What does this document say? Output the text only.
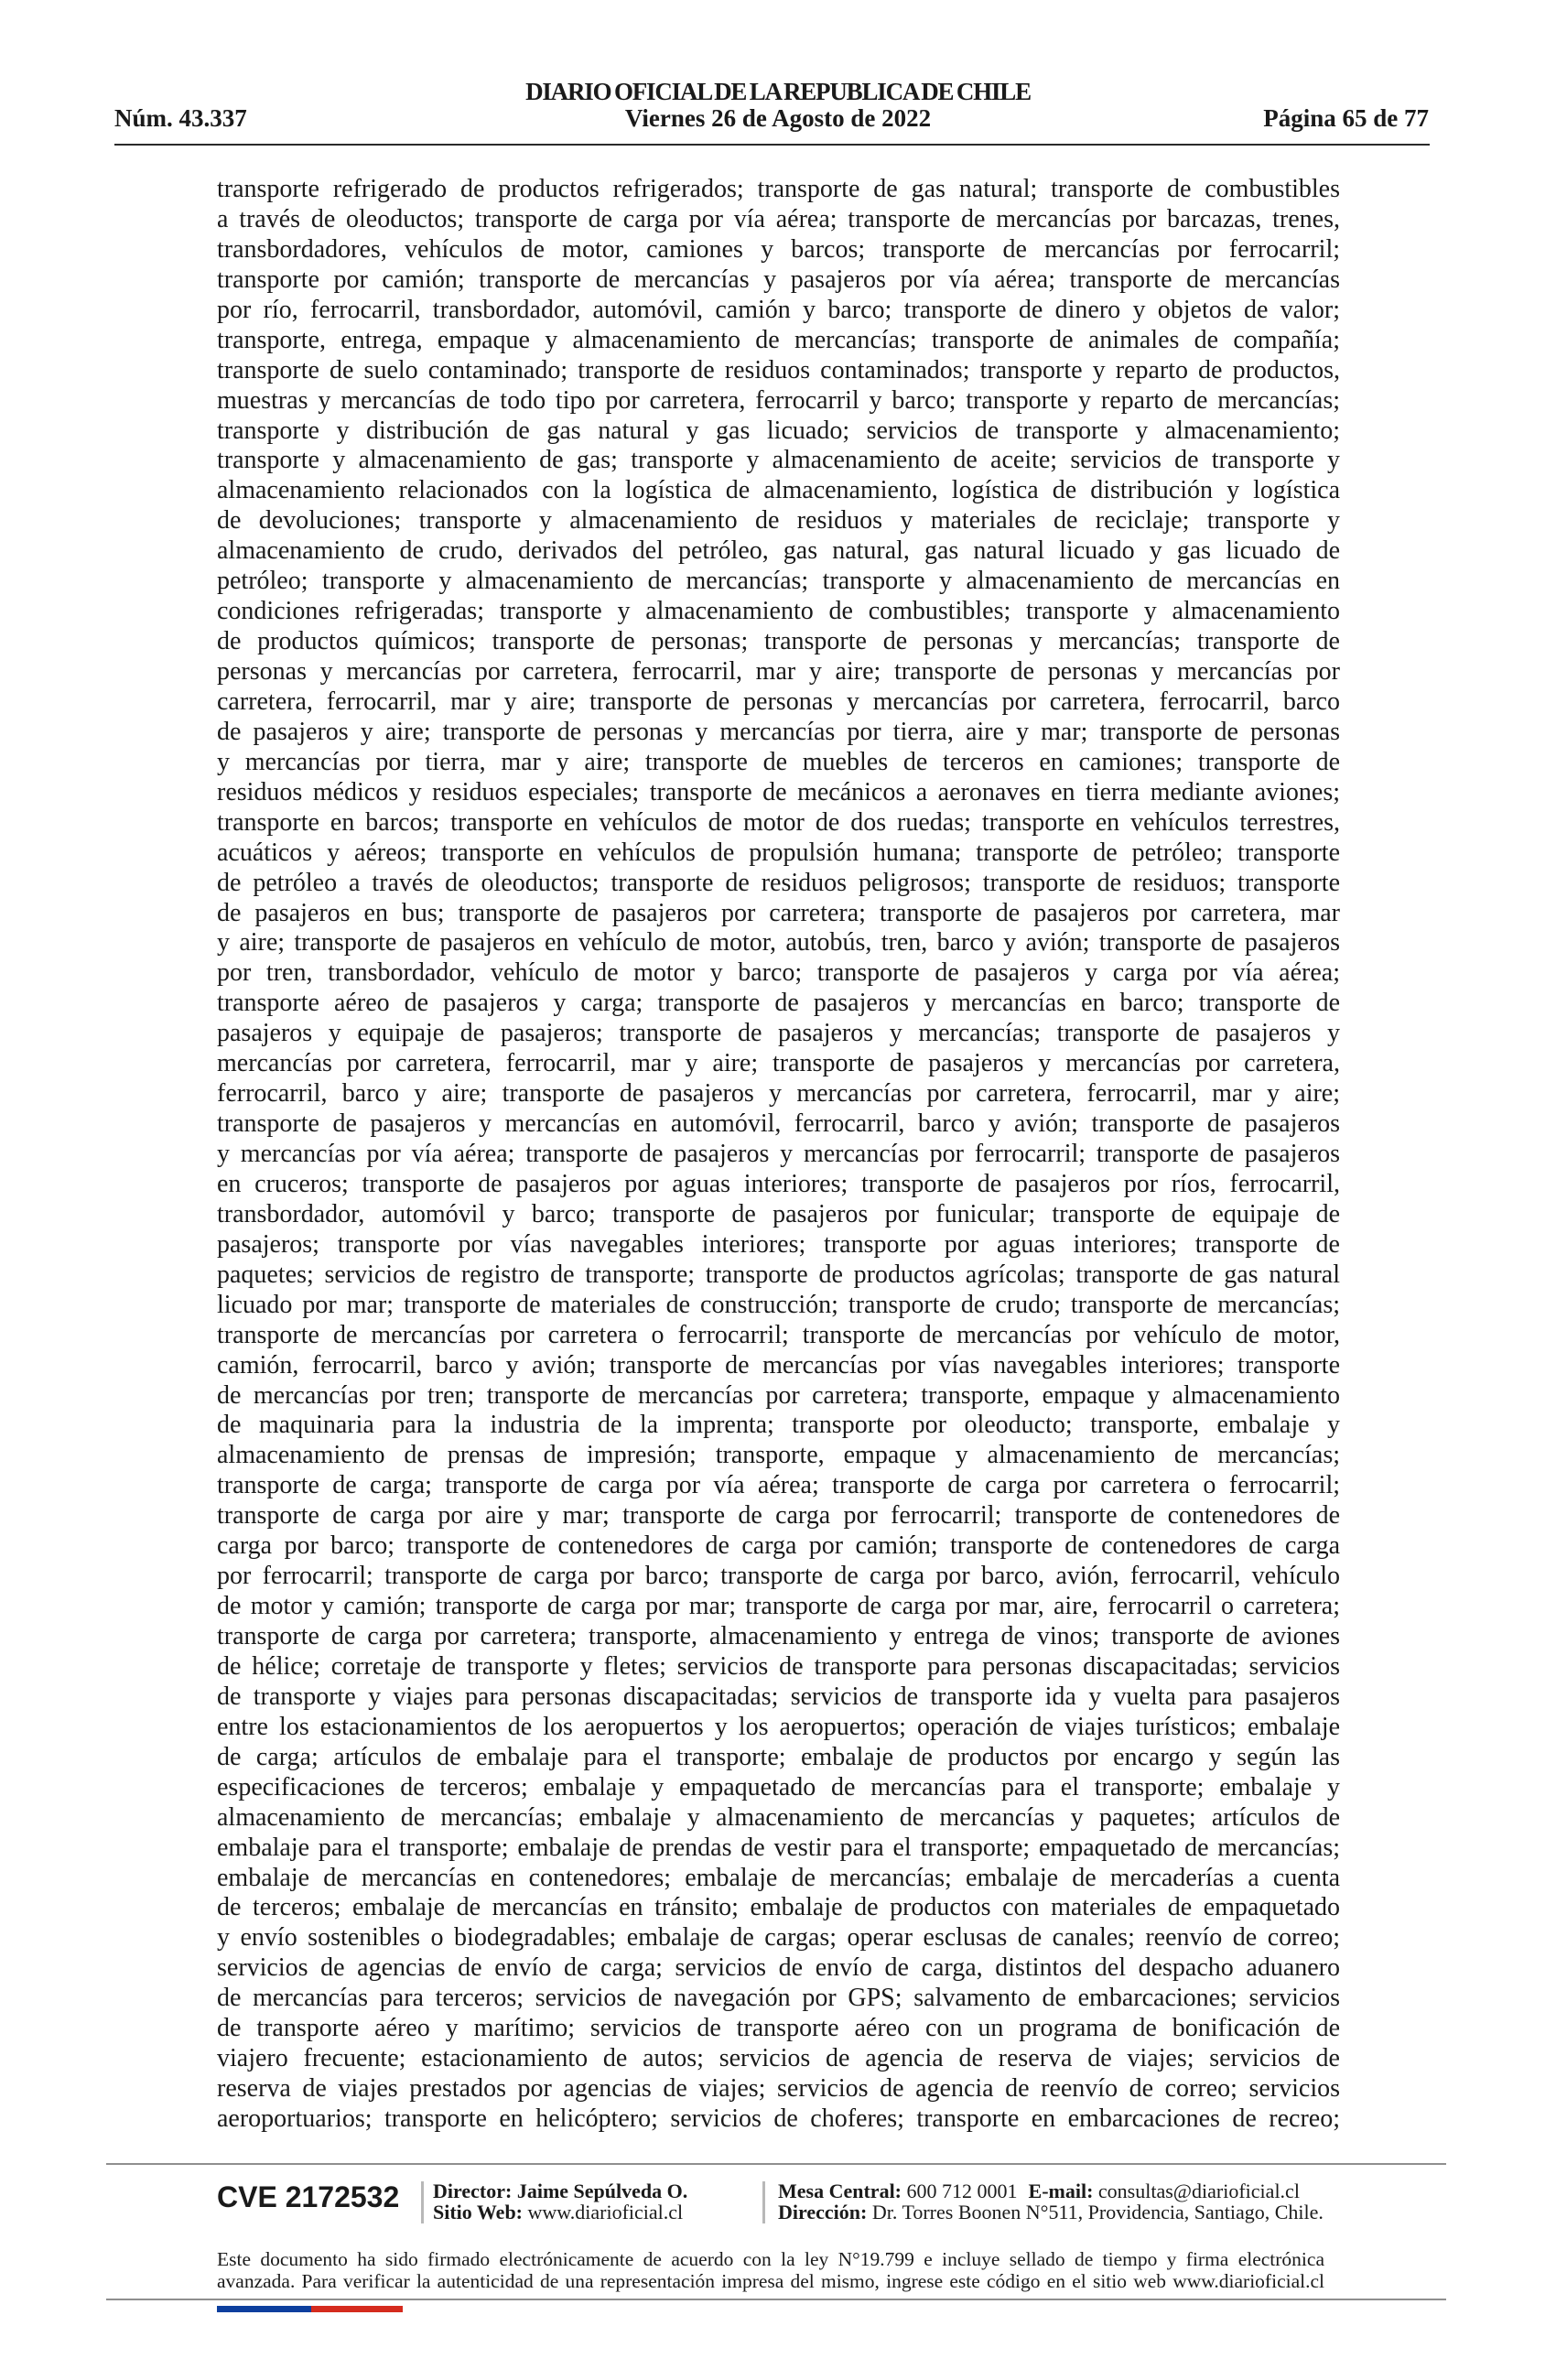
DIARIO OFICIAL DE LA REPUBLICA DE CHILE
Núm. 43.337	Viernes 26 de Agosto de 2022	Página 65 de 77
transporte refrigerado de productos refrigerados; transporte de gas natural; transporte de combustibles
a través de oleoductos; transporte de carga por vía aérea; transporte de mercancías por barcazas, trenes,
transbordadores, vehículos de motor, camiones y barcos; transporte de mercancías por ferrocarril;
transporte por camión; transporte de mercancías y pasajeros por vía aérea; transporte de mercancías
por río, ferrocarril, transbordador, automóvil, camión y barco; transporte de dinero y objetos de valor;
transporte, entrega, empaque y almacenamiento de mercancías; transporte de animales de compañía;
transporte de suelo contaminado; transporte de residuos contaminados; transporte y reparto de productos,
muestras y mercancías de todo tipo por carretera, ferrocarril y barco; transporte y reparto de mercancías;
transporte y distribución de gas natural y gas licuado; servicios de transporte y almacenamiento;
transporte y almacenamiento de gas; transporte y almacenamiento de aceite; servicios de transporte y
almacenamiento relacionados con la logística de almacenamiento, logística de distribución y logística
de devoluciones; transporte y almacenamiento de residuos y materiales de reciclaje; transporte y
almacenamiento de crudo, derivados del petróleo, gas natural, gas natural licuado y gas licuado de
petróleo; transporte y almacenamiento de mercancías; transporte y almacenamiento de mercancías en
condiciones refrigeradas; transporte y almacenamiento de combustibles; transporte y almacenamiento
de productos químicos; transporte de personas; transporte de personas y mercancías; transporte de
personas y mercancías por carretera, ferrocarril, mar y aire; transporte de personas y mercancías por
carretera, ferrocarril, mar y aire; transporte de personas y mercancías por carretera, ferrocarril, barco
de pasajeros y aire; transporte de personas y mercancías por tierra, aire y mar; transporte de personas
y mercancías por tierra, mar y aire; transporte de muebles de terceros en camiones; transporte de
residuos médicos y residuos especiales; transporte de mecánicos a aeronaves en tierra mediante aviones;
transporte en barcos; transporte en vehículos de motor de dos ruedas; transporte en vehículos terrestres,
acuáticos y aéreos; transporte en vehículos de propulsión humana; transporte de petróleo; transporte
de petróleo a través de oleoductos; transporte de residuos peligrosos; transporte de residuos; transporte
de pasajeros en bus; transporte de pasajeros por carretera; transporte de pasajeros por carretera, mar
y aire; transporte de pasajeros en vehículo de motor, autobús, tren, barco y avión; transporte de pasajeros
por tren, transbordador, vehículo de motor y barco; transporte de pasajeros y carga por vía aérea;
transporte aéreo de pasajeros y carga; transporte de pasajeros y mercancías en barco; transporte de
pasajeros y equipaje de pasajeros; transporte de pasajeros y mercancías; transporte de pasajeros y
mercancías por carretera, ferrocarril, mar y aire; transporte de pasajeros y mercancías por carretera,
ferrocarril, barco y aire; transporte de pasajeros y mercancías por carretera, ferrocarril, mar y aire;
transporte de pasajeros y mercancías en automóvil, ferrocarril, barco y avión; transporte de pasajeros
y mercancías por vía aérea; transporte de pasajeros y mercancías por ferrocarril; transporte de pasajeros
en cruceros; transporte de pasajeros por aguas interiores; transporte de pasajeros por ríos, ferrocarril,
transbordador, automóvil y barco; transporte de pasajeros por funicular; transporte de equipaje de
pasajeros; transporte por vías navegables interiores; transporte por aguas interiores; transporte de
paquetes; servicios de registro de transporte; transporte de productos agrícolas; transporte de gas natural
licuado por mar; transporte de materiales de construcción; transporte de crudo; transporte de mercancías;
transporte de mercancías por carretera o ferrocarril; transporte de mercancías por vehículo de motor,
camión, ferrocarril, barco y avión; transporte de mercancías por vías navegables interiores; transporte
de mercancías por tren; transporte de mercancías por carretera; transporte, empaque y almacenamiento
de maquinaria para la industria de la imprenta; transporte por oleoducto; transporte, embalaje y
almacenamiento de prensas de impresión; transporte, empaque y almacenamiento de mercancías;
transporte de carga; transporte de carga por vía aérea; transporte de carga por carretera o ferrocarril;
transporte de carga por aire y mar; transporte de carga por ferrocarril; transporte de contenedores de
carga por barco; transporte de contenedores de carga por camión; transporte de contenedores de carga
por ferrocarril; transporte de carga por barco; transporte de carga por barco, avión, ferrocarril, vehículo
de motor y camión; transporte de carga por mar; transporte de carga por mar, aire, ferrocarril o carretera;
transporte de carga por carretera; transporte, almacenamiento y entrega de vinos; transporte de aviones
de hélice; corretaje de transporte y fletes; servicios de transporte para personas discapacitadas; servicios
de transporte y viajes para personas discapacitadas; servicios de transporte ida y vuelta para pasajeros
entre los estacionamientos de los aeropuertos y los aeropuertos; operación de viajes turísticos; embalaje
de carga; artículos de embalaje para el transporte; embalaje de productos por encargo y según las
especificaciones de terceros; embalaje y empaquetado de mercancías para el transporte; embalaje y
almacenamiento de mercancías; embalaje y almacenamiento de mercancías y paquetes; artículos de
embalaje para el transporte; embalaje de prendas de vestir para el transporte; empaquetado de mercancías;
embalaje de mercancías en contenedores; embalaje de mercancías; embalaje de mercaderías a cuenta
de terceros; embalaje de mercancías en tránsito; embalaje de productos con materiales de empaquetado
y envío sostenibles o biodegradables; embalaje de cargas; operar esclusas de canales; reenvío de correo;
servicios de agencias de envío de carga; servicios de envío de carga, distintos del despacho aduanero
de mercancías para terceros; servicios de navegación por GPS; salvamento de embarcaciones; servicios
de transporte aéreo y marítimo; servicios de transporte aéreo con un programa de bonificación de
viajero frecuente; estacionamiento de autos; servicios de agencia de reserva de viajes; servicios de
reserva de viajes prestados por agencias de viajes; servicios de agencia de reenvío de correo; servicios
aeroportuarios; transporte en helicóptero; servicios de choferes; transporte en embarcaciones de recreo;
CVE 2172532 Director: Jaime Sepúlveda O.
Sitio Web: www.diarioficial.cl
Mesa Central: 600 712 0001 E-mail: consultas@diarioficial.cl
Dirección: Dr. Torres Boonen N°511, Providencia, Santiago, Chile.
Este documento ha sido firmado electrónicamente de acuerdo con la ley N°19.799 e incluye sellado de tiempo y firma electrónica
avanzada. Para verificar la autenticidad de una representación impresa del mismo, ingrese este código en el sitio web www.diarioficial.cl
